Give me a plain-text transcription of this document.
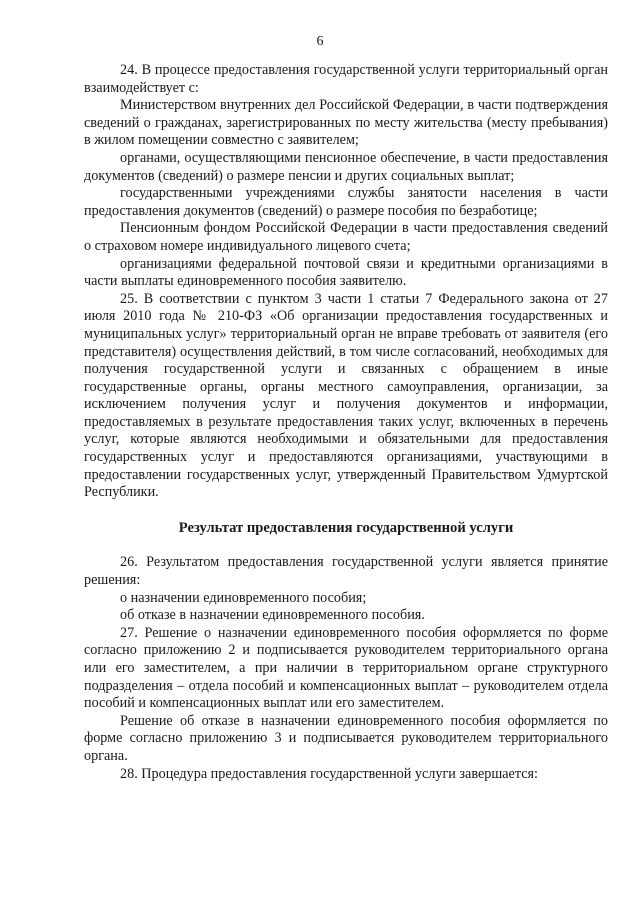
6

24. В процессе предоставления государственной услуги территориальный орган взаимодействует с:

Министерством внутренних дел Российской Федерации, в части подтверждения сведений о гражданах, зарегистрированных по месту жительства (месту пребывания) в жилом помещении совместно с заявителем;

органами, осуществляющими пенсионное обеспечение, в части предоставления документов (сведений) о размере пенсии и других социальных выплат;

государственными учреждениями службы занятости населения в части предоставления документов (сведений) о размере пособия по безработице;

Пенсионным фондом Российской Федерации в части предоставления сведений о страховом номере индивидуального лицевого счета;

организациями федеральной почтовой связи и кредитными организациями в части выплаты единовременного пособия заявителю.

25. В соответствии с пунктом 3 части 1 статьи 7 Федерального закона от 27 июля 2010 года № 210-ФЗ «Об организации предоставления государственных и муниципальных услуг» территориальный орган не вправе требовать от заявителя (его представителя) осуществления действий, в том числе согласований, необходимых для получения государственной услуги и связанных с обращением в иные государственные органы, органы местного самоуправления, организации, за исключением получения услуг и получения документов и информации, предоставляемых в результате предоставления таких услуг, включенных в перечень услуг, которые являются необходимыми и обязательными для предоставления государственных услуг и предоставляются организациями, участвующими в предоставлении государственных услуг, утвержденный Правительством Удмуртской Республики.

Результат предоставления государственной услуги

26. Результатом предоставления государственной услуги является принятие решения:

о назначении единовременного пособия;

об отказе в назначении единовременного пособия.

27. Решение о назначении единовременного пособия оформляется по форме согласно приложению 2 и подписывается руководителем территориального органа или его заместителем, а при наличии в территориальном органе структурного подразделения – отдела пособий и компенсационных выплат – руководителем отдела пособий и компенсационных выплат или его заместителем.

Решение об отказе в назначении единовременного пособия оформляется по форме согласно приложению 3 и подписывается руководителем территориального органа.

28. Процедура предоставления государственной услуги завершается:
